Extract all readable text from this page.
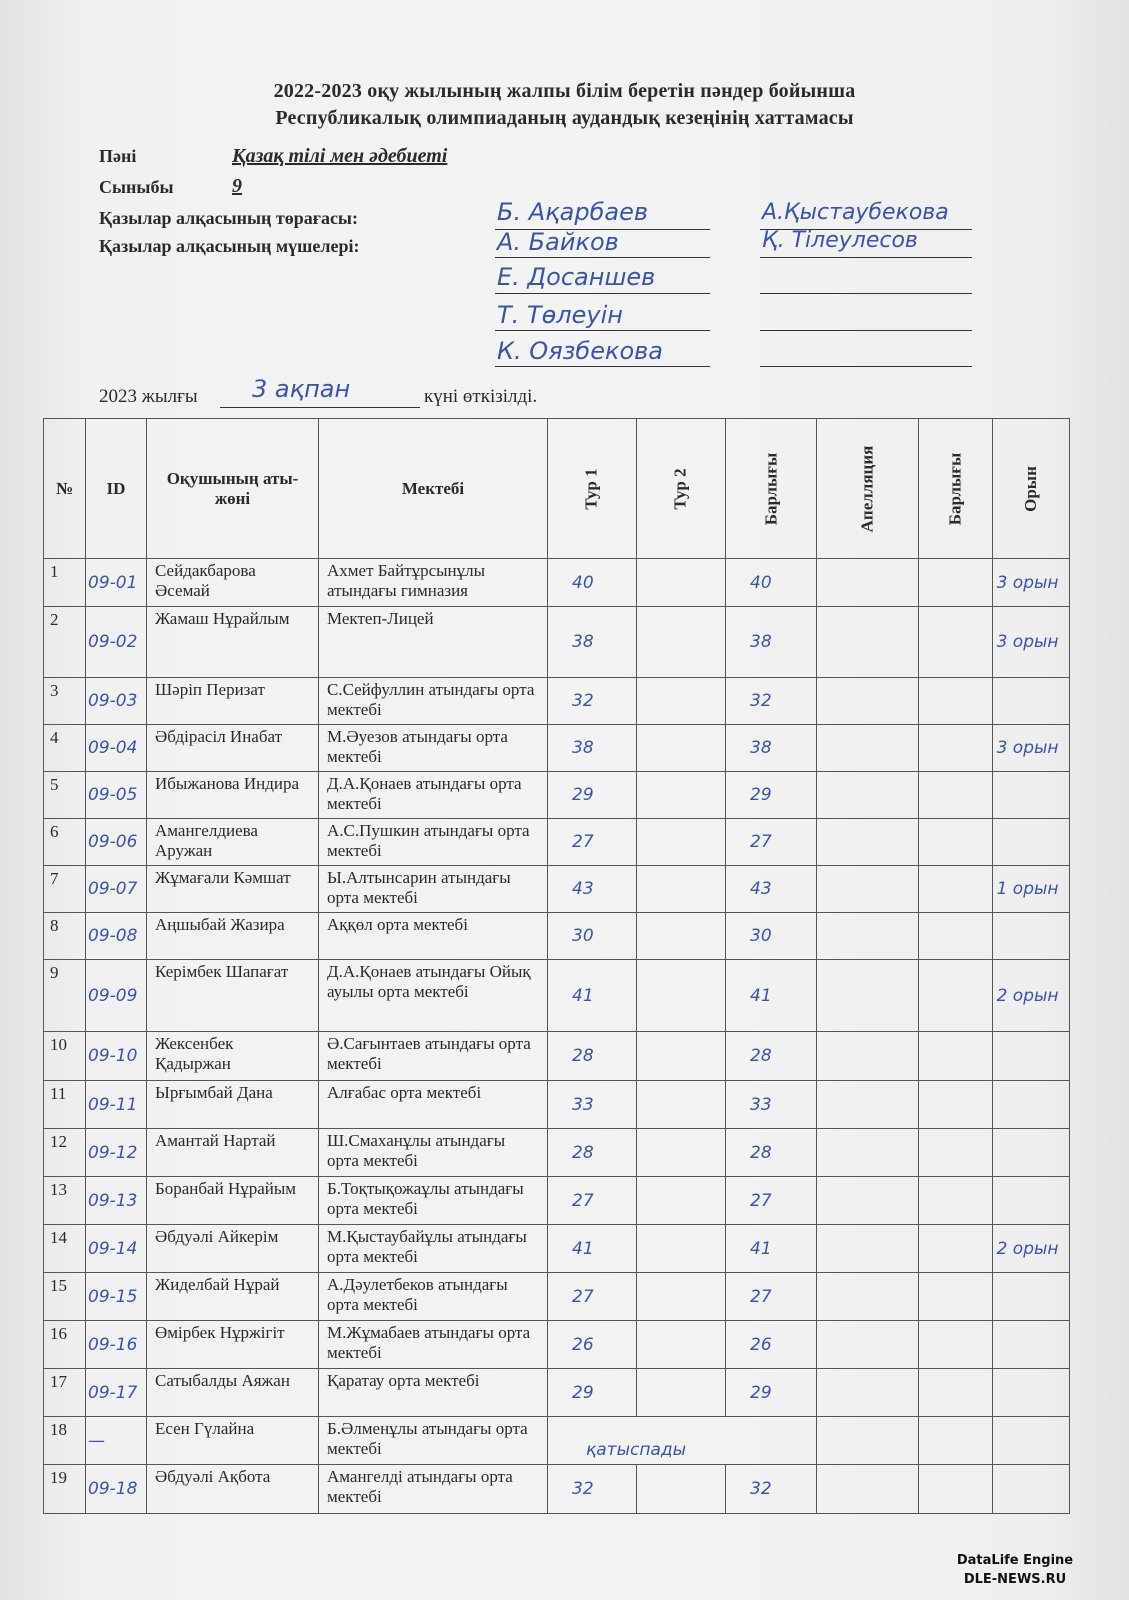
2022-2023 оқу жылының жалпы білім беретін пәндер бойынша
Республикалық олимпиаданың аудандық кезеңінің хаттамасы
Пәні	Қазақ тілі мен әдебиеті
Сыныбы	9
Қазылар алқасының төрағасы:
Қазылар алқасының мүшелері:
Б. Ақарбаев	А.Қыстаубекова
А. Байков	Қ. Тілеулесов
Е. Досаншев
Т. Төлеуін
К. Оязбекова
2023 жылғы 3 ақпан	күні өткізілді.
№	ID	Оқушының аты-жөні	Мектебі	Тур 1	Тур 2	Барлығы	Апелляция	Барлығы	Орын
1	09-01	Сейдакбарова Әсемай	Ахмет Байтұрсынұлы атындағы гимназия	40		40			3 орын
2	09-02	Жамаш Нұрайлым	Мектеп-Лицей	38		38			3 орын
3	09-03	Шәріп Перизат	С.Сейфуллин атындағы орта мектебі	32		32			
4	09-04	Әбдірасіл Инабат	М.Әуезов атындағы орта мектебі	38		38			3 орын
5	09-05	Ибыжанова Индира	Д.А.Қонаев атындағы орта мектебі	29		29			
6	09-06	Амангелдиева Аружан	А.С.Пушкин атындағы орта мектебі	27		27			
7	09-07	Жұмағали Кәмшат	Ы.Алтынсарин атындағы орта мектебі	43		43			1 орын
8	09-08	Аңшыбай Жазира	Аққөл орта мектебі	30		30			
9	09-09	Керімбек Шапағат	Д.А.Қонаев атындағы Ойық ауылы орта мектебі	41		41			2 орын
10	09-10	Жексенбек Қадыржан	Ә.Сағынтаев атындағы орта мектебі	28		28			
11	09-11	Ырғымбай Дана	Алғабас орта мектебі	33		33			
12	09-12	Амантай Нартай	Ш.Смаханұлы атындағы орта мектебі	28		28			
13	09-13	Боранбай Нұрайым	Б.Тоқтықожаұлы атындағы орта мектебі	27		27			
14	09-14	Әбдуәлі Айкерім	М.Қыстаубайұлы атындағы орта мектебі	41		41			2 орын
15	09-15	Жиделбай Нұрай	А.Дәулетбеков атындағы орта мектебі	27		27			
16	09-16	Өмірбек Нұржігіт	М.Жұмабаев атындағы орта мектебі	26		26			
17	09-17	Сатыбалды Аяжан	Қаратау орта мектебі	29		29			
18	—	Есен Гүлайна	Б.Әлменұлы атындағы орта мектебі	қатыспады					
19	09-18	Әбдуәлі Ақбота	Амангелді атындағы орта мектебі	32		32			
DataLife Engine
DLE-NEWS.RU
